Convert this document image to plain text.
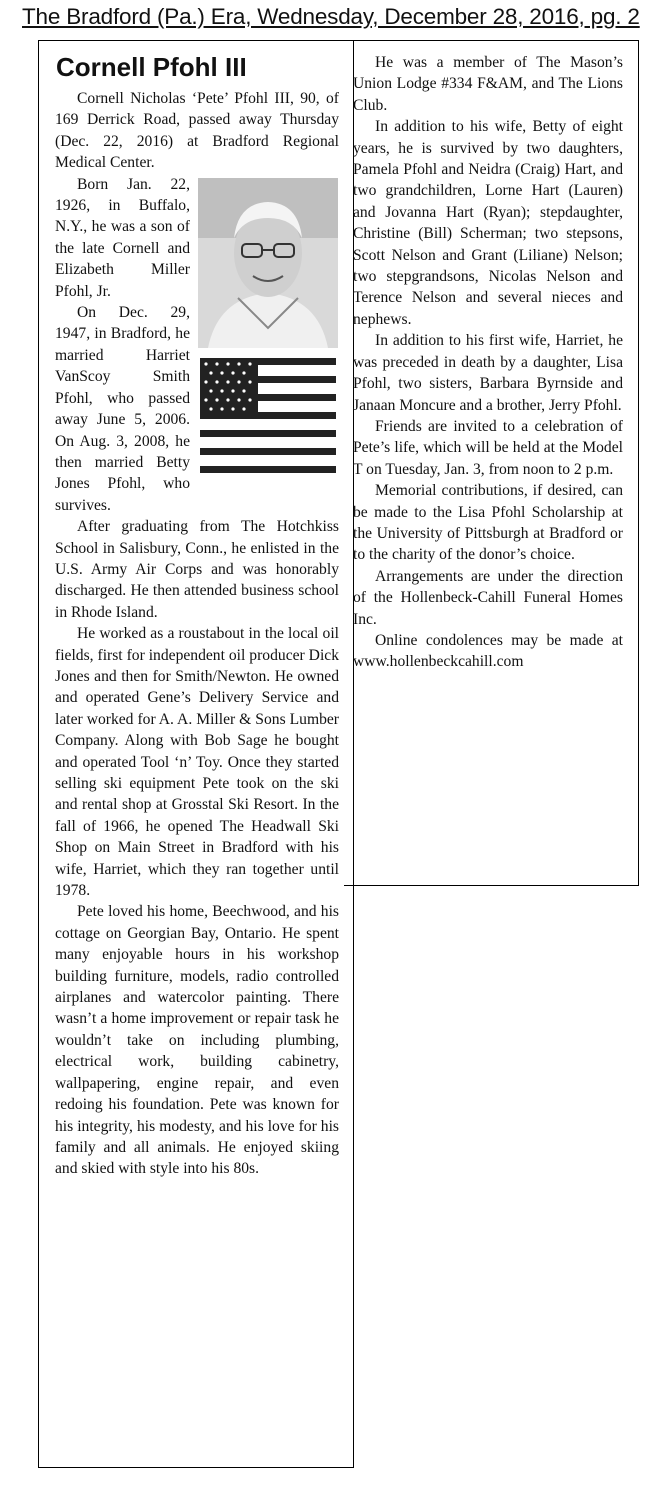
The Bradford (Pa.) Era, Wednesday, December 28, 2016, pg. 2
Cornell Pfohl III

Cornell Nicholas ‘Pete’ Pfohl III, 90, of 169 Derrick Road, passed away Thursday (Dec. 22, 2016) at Bradford Regional Medical Center.

Born Jan. 22, 1926, in Buffalo, N.Y., he was a son of the late Cornell and Elizabeth Miller Pfohl, Jr.

On Dec. 29, 1947, in Bradford, he married Harriet VanScoy Smith Pfohl, who passed away June 5, 2006. On Aug. 3, 2008, he then married Betty Jones Pfohl, who survives.

After graduating from The Hotchkiss School in Salisbury, Conn., he enlisted in the U.S. Army Air Corps and was honorably discharged. He then attended business school in Rhode Island.

He worked as a roustabout in the local oil fields, first for independent oil producer Dick Jones and then for Smith/Newton. He owned and operated Gene’s Delivery Service and later worked for A. A. Miller & Sons Lumber Company. Along with Bob Sage he bought and operated Tool ‘n’ Toy. Once they started selling ski equipment Pete took on the ski and rental shop at Grosstal Ski Resort. In the fall of 1966, he opened The Headwall Ski Shop on Main Street in Bradford with his wife, Harriet, which they ran together until 1978.

Pete loved his home, Beechwood, and his cottage on Georgian Bay, Ontario. He spent many enjoyable hours in his workshop building furniture, models, radio controlled airplanes and watercolor painting. There wasn’t a home improvement or repair task he wouldn’t take on including plumbing, electrical work, building cabinetry, wallpapering, engine repair, and even redoing his foundation. Pete was known for his integrity, his modesty, and his love for his family and all animals. He enjoyed skiing and skied with style into his 80s.

He was a member of The Mason’s Union Lodge #334 F&AM, and The Lions Club.

In addition to his wife, Betty of eight years, he is survived by two daughters, Pamela Pfohl and Neidra (Craig) Hart, and two grandchildren, Lorne Hart (Lauren) and Jovanna Hart (Ryan); stepdaughter, Christine (Bill) Scherman; two stepsons, Scott Nelson and Grant (Liliane) Nelson; two stepgrandsons, Nicolas Nelson and Terence Nelson and several nieces and nephews.

In addition to his first wife, Harriet, he was preceded in death by a daughter, Lisa Pfohl, two sisters, Barbara Byrnside and Janaan Moncure and a brother, Jerry Pfohl.

Friends are invited to a celebration of Pete’s life, which will be held at the Model T on Tuesday, Jan. 3, from noon to 2 p.m.

Memorial contributions, if desired, can be made to the Lisa Pfohl Scholarship at the University of Pittsburgh at Bradford or to the charity of the donor’s choice.

Arrangements are under the direction of the Hollenbeck-Cahill Funeral Homes Inc.

Online condolences may be made at www.hollenbeckcahill.com
